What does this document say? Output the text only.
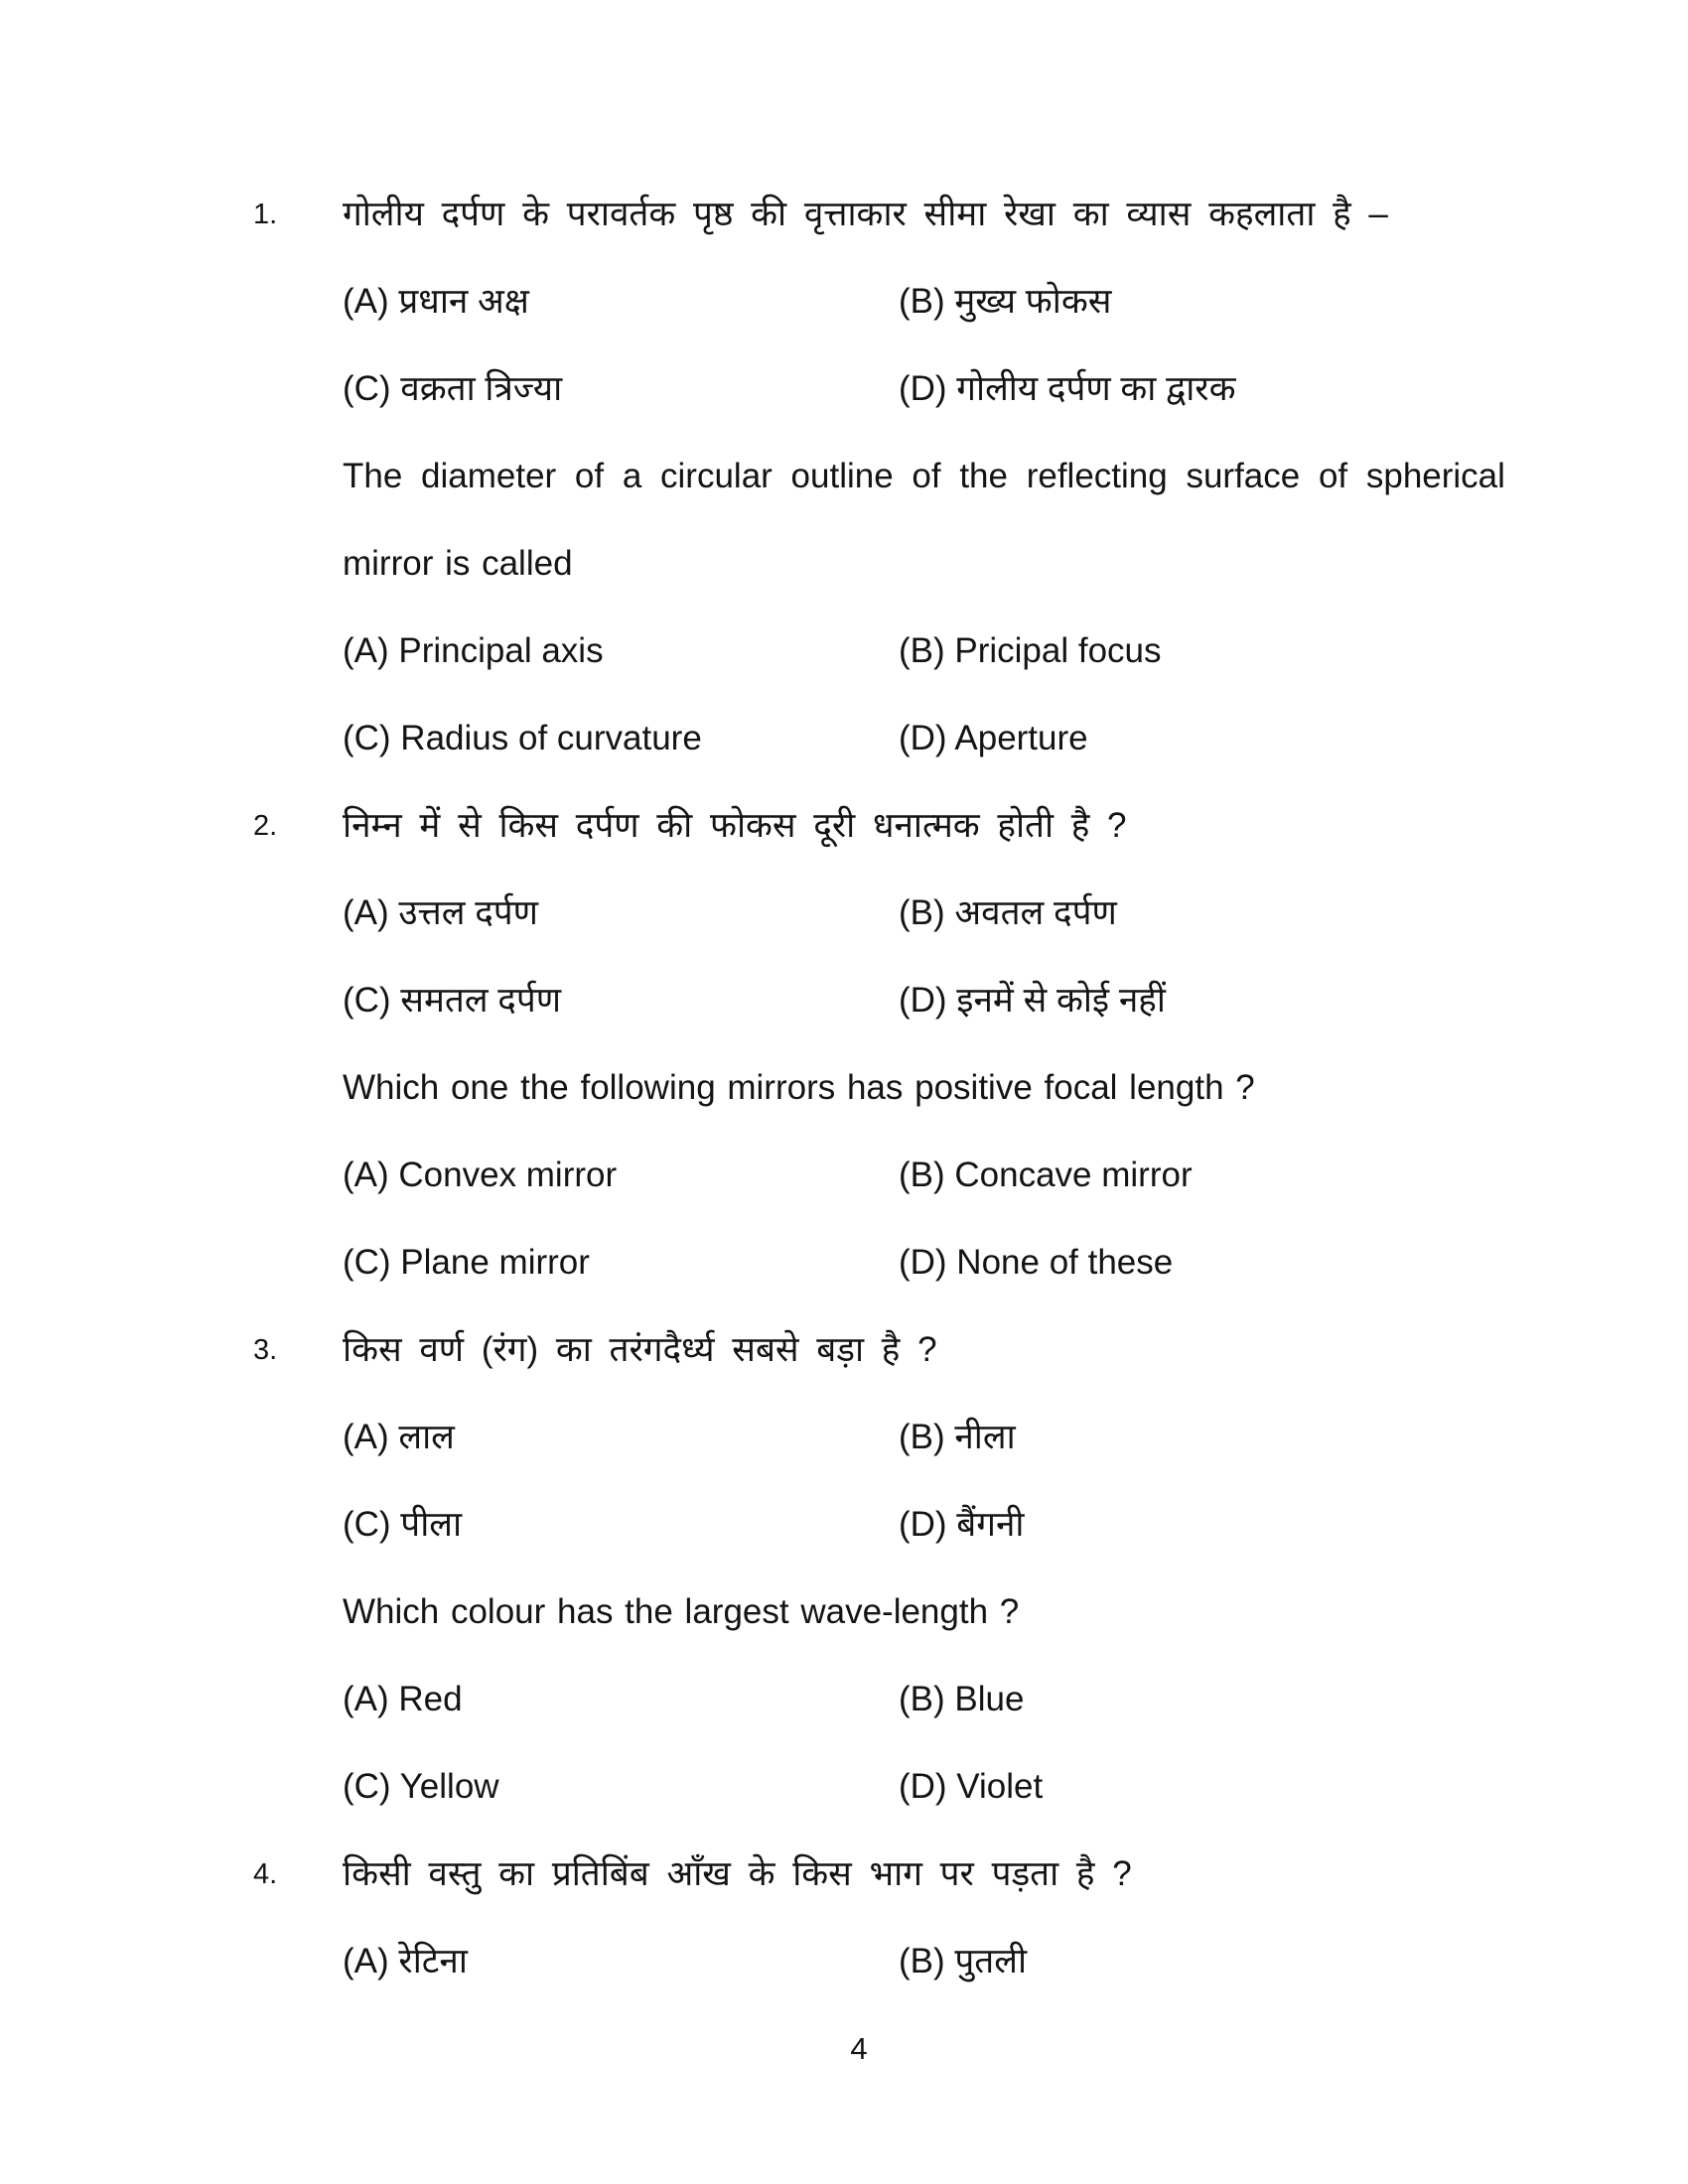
1. गोलीय दर्पण के परावर्तक पृष्ठ की वृत्ताकार सीमा रेखा का व्यास कहलाता है –
(A) प्रधान अक्ष	(B) मुख्य फोकस
(C) वक्रता त्रिज्या	(D) गोलीय दर्पण का द्वारक
The diameter of a circular outline of the reflecting surface of spherical
mirror is called
(A) Principal axis	(B) Pricipal focus
(C) Radius of curvature	(D) Aperture
2. निम्न में से किस दर्पण की फोकस दूरी धनात्मक होती है ?
(A) उत्तल दर्पण	(B) अवतल दर्पण
(C) समतल दर्पण	(D) इनमें से कोई नहीं
Which one the following mirrors has positive focal length ?
(A) Convex mirror	(B) Concave mirror
(C) Plane mirror	(D) None of these
3. किस वर्ण (रंग) का तरंगदैर्ध्य सबसे बड़ा है ?
(A) लाल	(B) नीला
(C) पीला	(D) बैंगनी
Which colour has the largest wave-length ?
(A) Red	(B) Blue
(C) Yellow	(D) Violet
4. किसी वस्तु का प्रतिबिंब आँख के किस भाग पर पड़ता है ?
(A) रेटिना	(B) पुतली
4
